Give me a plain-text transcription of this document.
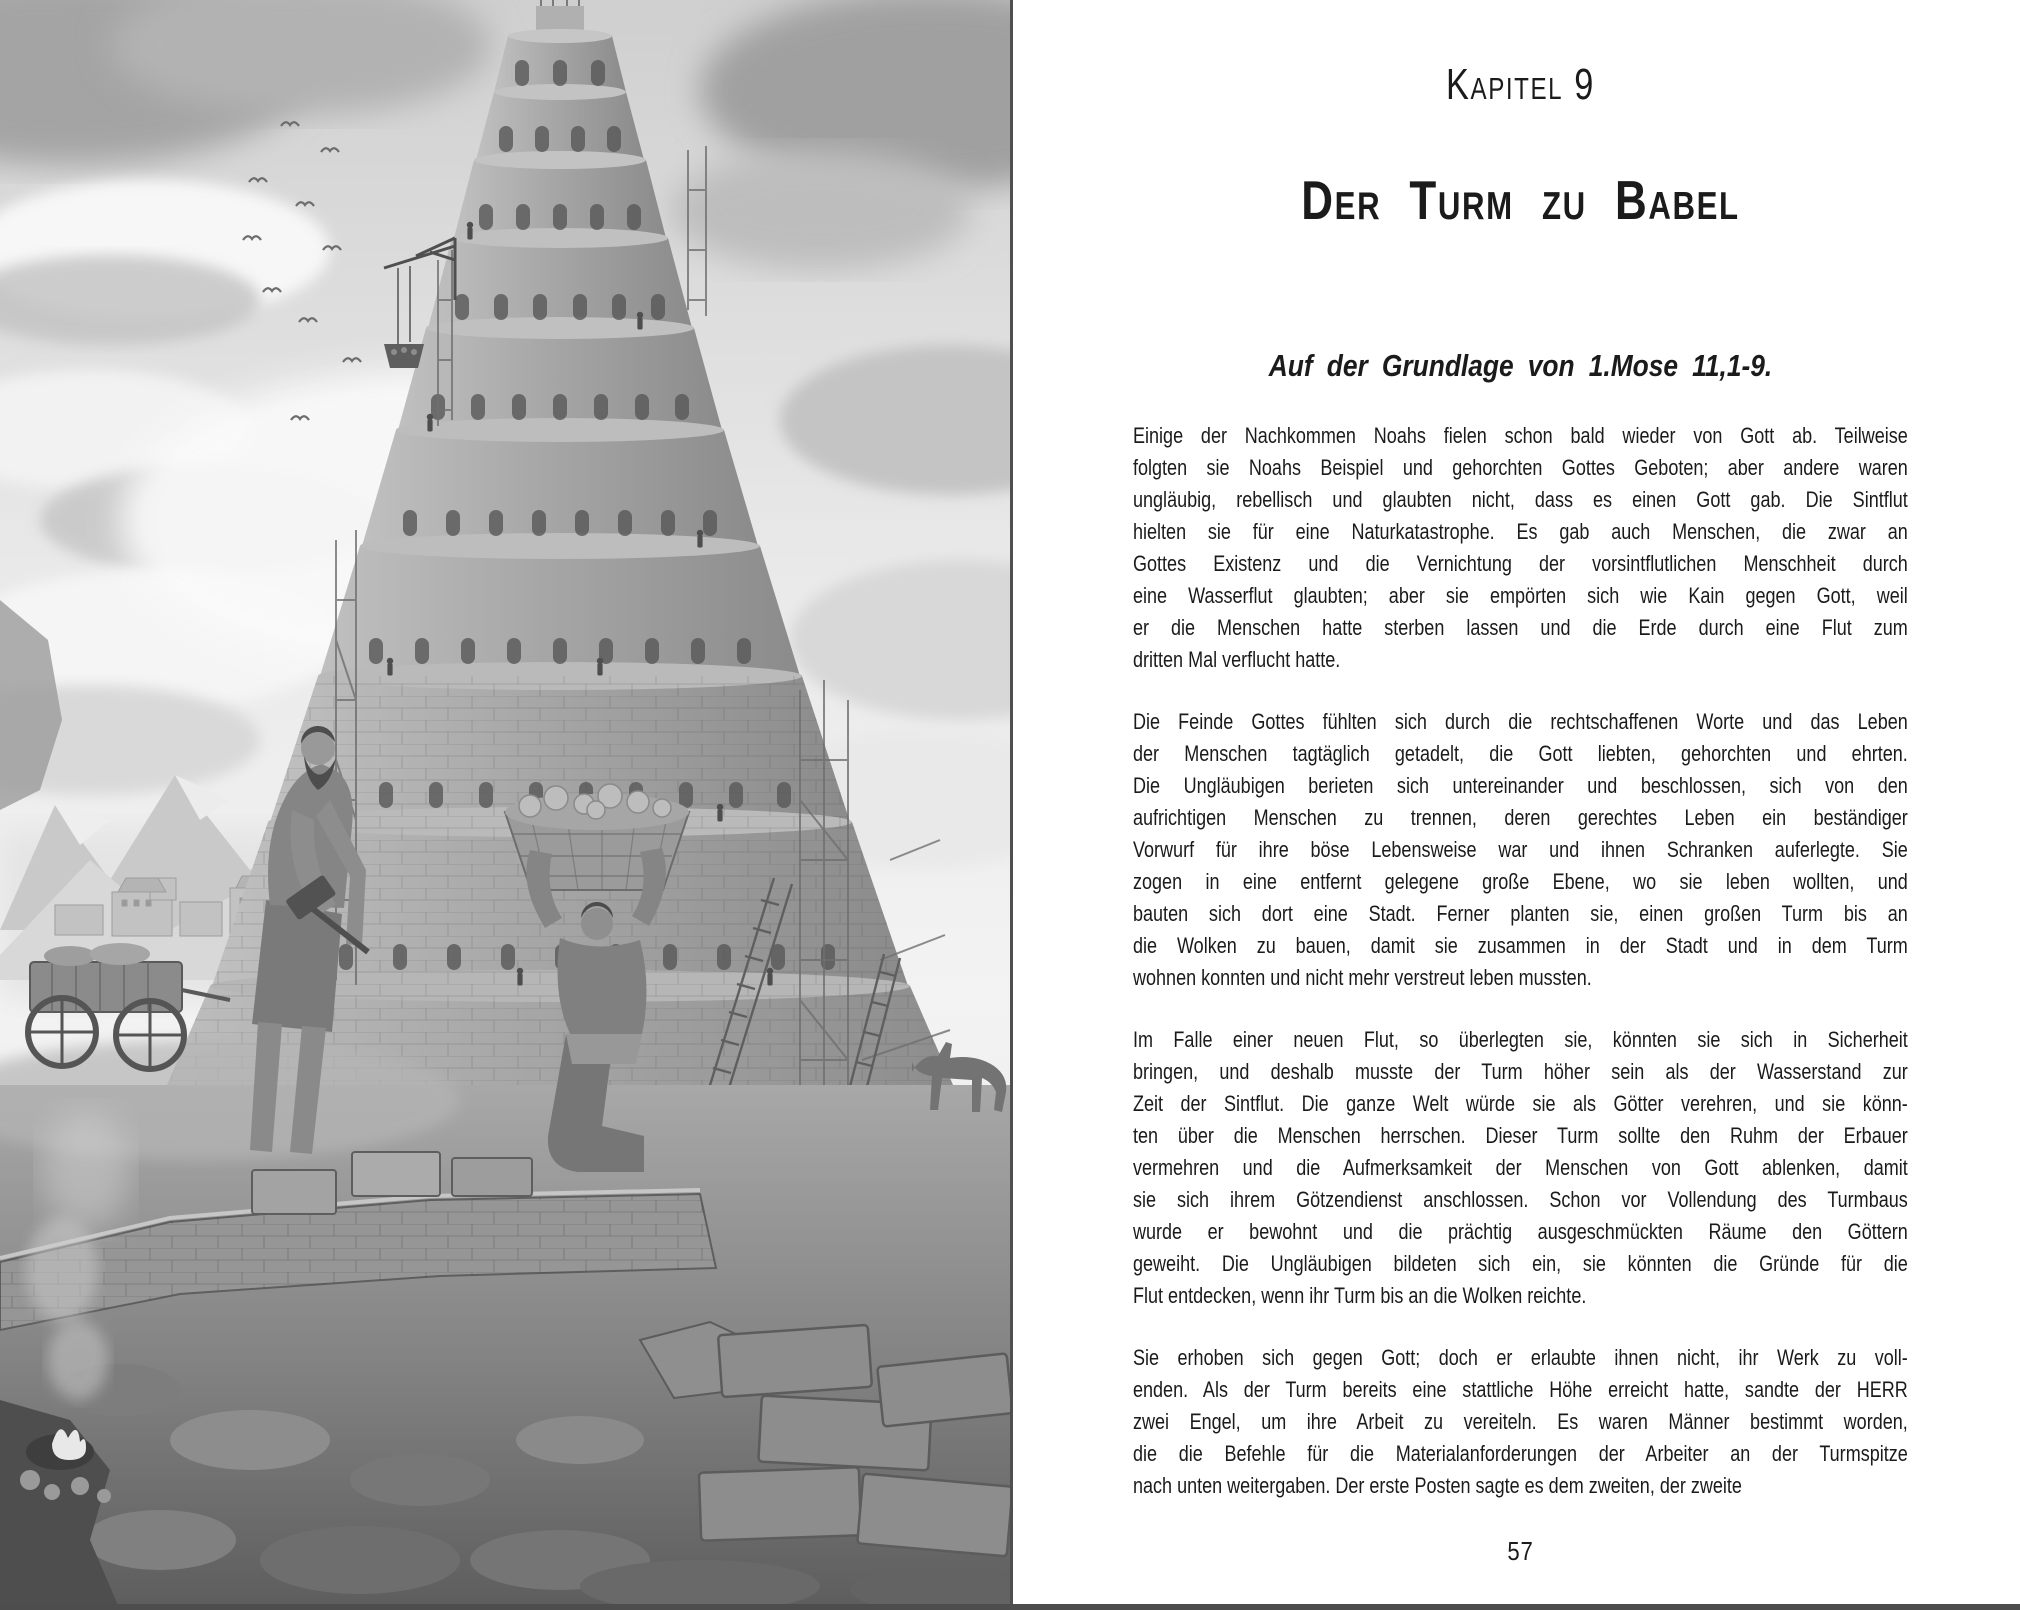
Kapitel 9
Der Turm zu Babel
Auf der Grundlage von 1.Mose 11,1-9.
Einige der Nachkommen Noahs fielen schon bald wieder von Gott ab. Teilweise
folgten sie Noahs Beispiel und gehorchten Gottes Geboten; aber andere waren
ungläubig, rebellisch und glaubten nicht, dass es einen Gott gab. Die Sintflut
hielten sie für eine Naturkatastrophe. Es gab auch Menschen, die zwar an
Gottes Existenz und die Vernichtung der vorsintflutlichen Menschheit durch
eine Wasserflut glaubten; aber sie empörten sich wie Kain gegen Gott, weil
er die Menschen hatte sterben lassen und die Erde durch eine Flut zum
dritten Mal verflucht hatte.
Die Feinde Gottes fühlten sich durch die rechtschaffenen Worte und das Leben
der Menschen tagtäglich getadelt, die Gott liebten, gehorchten und ehrten.
Die Ungläubigen berieten sich untereinander und beschlossen, sich von den
aufrichtigen Menschen zu trennen, deren gerechtes Leben ein beständiger
Vorwurf für ihre böse Lebensweise war und ihnen Schranken auferlegte. Sie
zogen in eine entfernt gelegene große Ebene, wo sie leben wollten, und
bauten sich dort eine Stadt. Ferner planten sie, einen großen Turm bis an
die Wolken zu bauen, damit sie zusammen in der Stadt und in dem Turm
wohnen konnten und nicht mehr verstreut leben mussten.
Im Falle einer neuen Flut, so überlegten sie, könnten sie sich in Sicherheit
bringen, und deshalb musste der Turm höher sein als der Wasserstand zur
Zeit der Sintflut. Die ganze Welt würde sie als Götter verehren, und sie könn-
ten über die Menschen herrschen. Dieser Turm sollte den Ruhm der Erbauer
vermehren und die Aufmerksamkeit der Menschen von Gott ablenken, damit
sie sich ihrem Götzendienst anschlossen. Schon vor Vollendung des Turmbaus
wurde er bewohnt und die prächtig ausgeschmückten Räume den Göttern
geweiht. Die Ungläubigen bildeten sich ein, sie könnten die Gründe für die
Flut entdecken, wenn ihr Turm bis an die Wolken reichte.
Sie erhoben sich gegen Gott; doch er erlaubte ihnen nicht, ihr Werk zu voll-
enden. Als der Turm bereits eine stattliche Höhe erreicht hatte, sandte der HERR
zwei Engel, um ihre Arbeit zu vereiteln. Es waren Männer bestimmt worden,
die die Befehle für die Materialanforderungen der Arbeiter an der Turmspitze
nach unten weitergaben. Der erste Posten sagte es dem zweiten, der zweite
57
